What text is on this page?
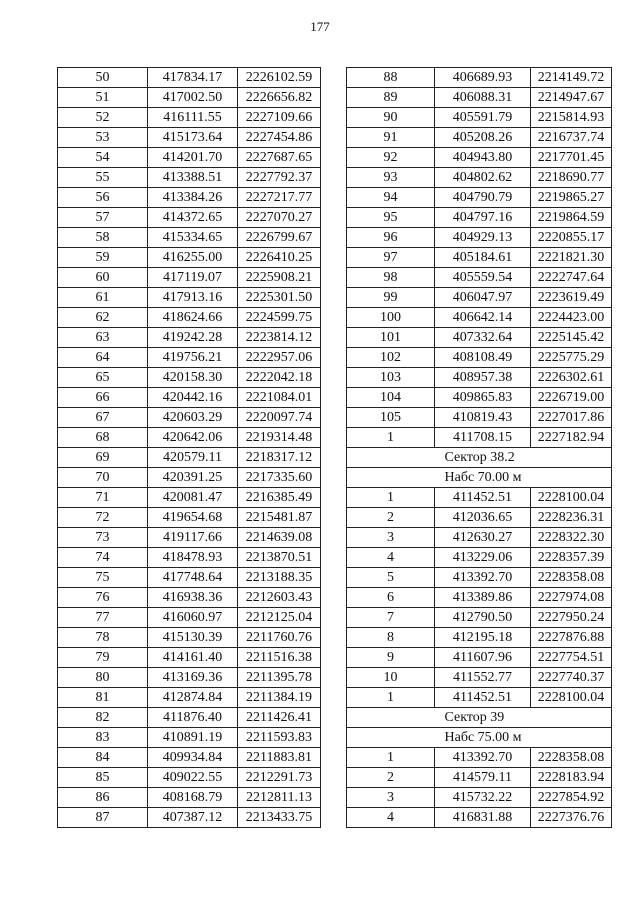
177
50	417834.17	2226102.59
51	417002.50	2226656.82
52	416111.55	2227109.66
53	415173.64	2227454.86
54	414201.70	2227687.65
55	413388.51	2227792.37
56	413384.26	2227217.77
57	414372.65	2227070.27
58	415334.65	2226799.67
59	416255.00	2226410.25
60	417119.07	2225908.21
61	417913.16	2225301.50
62	418624.66	2224599.75
63	419242.28	2223814.12
64	419756.21	2222957.06
65	420158.30	2222042.18
66	420442.16	2221084.01
67	420603.29	2220097.74
68	420642.06	2219314.48
69	420579.11	2218317.12
70	420391.25	2217335.60
71	420081.47	2216385.49
72	419654.68	2215481.87
73	419117.66	2214639.08
74	418478.93	2213870.51
75	417748.64	2213188.35
76	416938.36	2212603.43
77	416060.97	2212125.04
78	415130.39	2211760.76
79	414161.40	2211516.38
80	413169.36	2211395.78
81	412874.84	2211384.19
82	411876.40	2211426.41
83	410891.19	2211593.83
84	409934.84	2211883.81
85	409022.55	2212291.73
86	408168.79	2212811.13
87	407387.12	2213433.75
88	406689.93	2214149.72
89	406088.31	2214947.67
90	405591.79	2215814.93
91	405208.26	2216737.74
92	404943.80	2217701.45
93	404802.62	2218690.77
94	404790.79	2219865.27
95	404797.16	2219864.59
96	404929.13	2220855.17
97	405184.61	2221821.30
98	405559.54	2222747.64
99	406047.97	2223619.49
100	406642.14	2224423.00
101	407332.64	2225145.42
102	408108.49	2225775.29
103	408957.38	2226302.61
104	409865.83	2226719.00
105	410819.43	2227017.86
1	411708.15	2227182.94
	Сектор 38.2	
	Набс 70.00 м	
1	411452.51	2228100.04
2	412036.65	2228236.31
3	412630.27	2228322.30
4	413229.06	2228357.39
5	413392.70	2228358.08
6	413389.86	2227974.08
7	412790.50	2227950.24
8	412195.18	2227876.88
9	411607.96	2227754.51
10	411552.77	2227740.37
1	411452.51	2228100.04
	Сектор 39	
	Набс 75.00 м	
1	413392.70	2228358.08
2	414579.11	2228183.94
3	415732.22	2227854.92
4	416831.88	2227376.76
